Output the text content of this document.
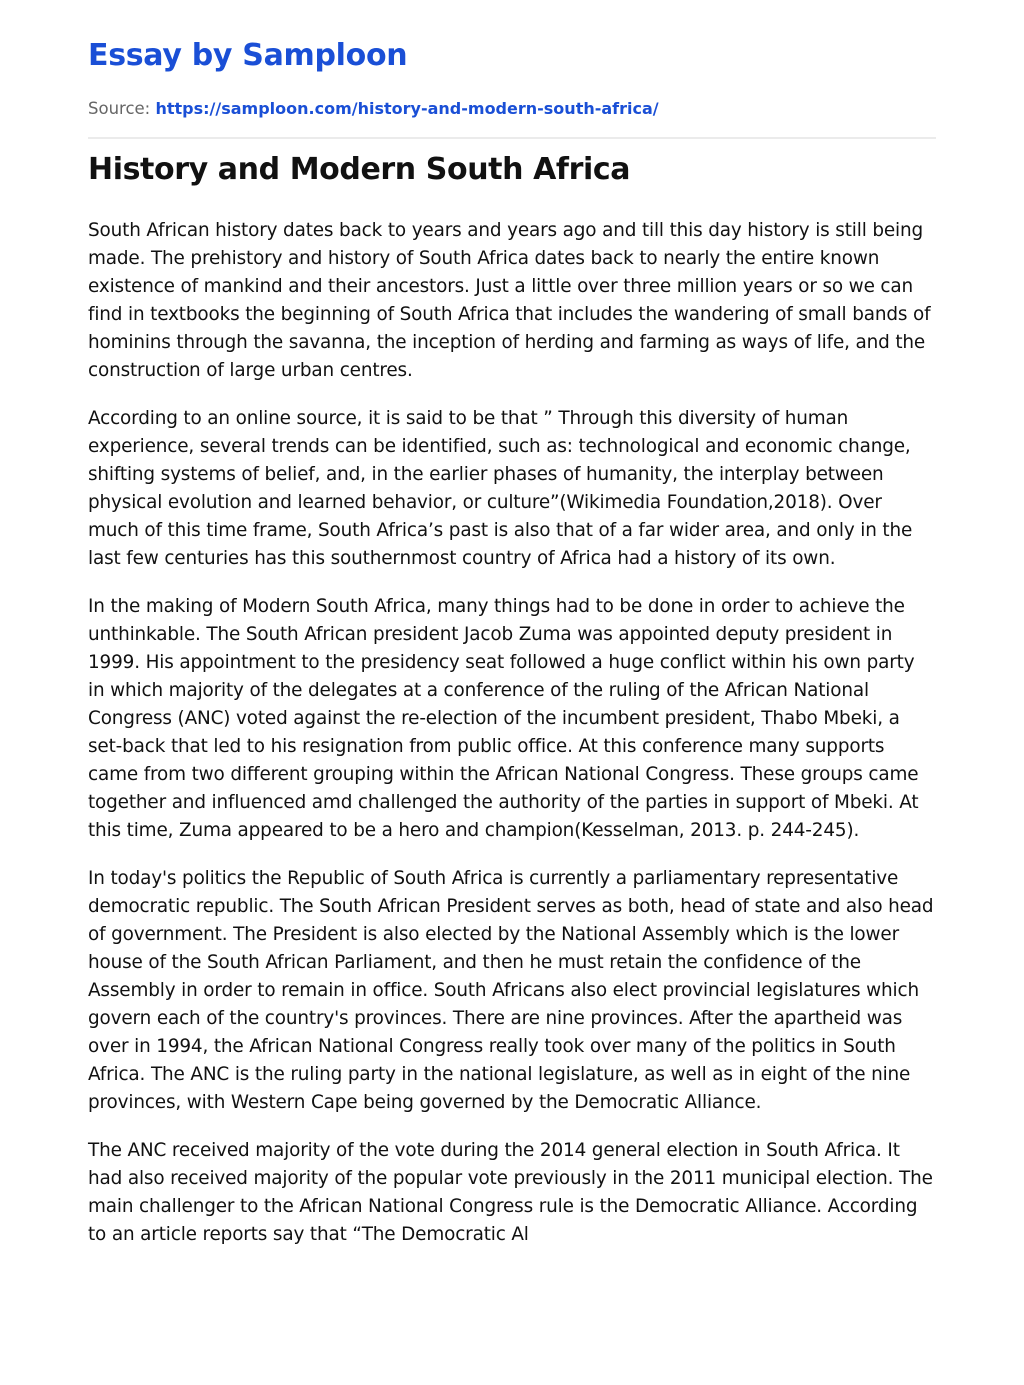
Essay by Samploon
Source: https://samploon.com/history-and-modern-south-africa/
History and Modern South Africa

South African history dates back to years and years ago and till this day history is still being made. The prehistory and history of South Africa dates back to nearly the entire known existence of mankind and their ancestors. Just a little over three million years or so we can find in textbooks the beginning of South Africa that includes the wandering of small bands of hominins through the savanna, the inception of herding and farming as ways of life, and the construction of large urban centres.

According to an online source, it is said to be that ” Through this diversity of human experience, several trends can be identified, such as: technological and economic change, shifting systems of belief, and, in the earlier phases of humanity, the interplay between physical evolution and learned behavior, or culture”(Wikimedia Foundation,2018). Over much of this time frame, South Africa’s past is also that of a far wider area, and only in the last few centuries has this southernmost country of Africa had a history of its own.

In the making of Modern South Africa, many things had to be done in order to achieve the unthinkable. The South African president Jacob Zuma was appointed deputy president in 1999. His appointment to the presidency seat followed a huge conflict within his own party in which majority of the delegates at a conference of the ruling of the African National Congress (ANC) voted against the re-election of the incumbent president, Thabo Mbeki, a set-back that led to his resignation from public office. At this conference many supports came from two different grouping within the African National Congress. These groups came together and influenced amd challenged the authority of the parties in support of Mbeki. At this time, Zuma appeared to be a hero and champion(Kesselman, 2013. p. 244-245).

In today's politics the Republic of South Africa is currently a parliamentary representative democratic republic. The South African President serves as both, head of state and also head of government. The President is also elected by the National Assembly which is the lower house of the South African Parliament, and then he must retain the confidence of the Assembly in order to remain in office. South Africans also elect provincial legislatures which govern each of the country's provinces. There are nine provinces. After the apartheid was over in 1994, the African National Congress really took over many of the politics in South Africa. The ANC is the ruling party in the national legislature, as well as in eight of the nine provinces, with Western Cape being governed by the Democratic Alliance.

The ANC received majority of the vote during the 2014 general election in South Africa. It had also received majority of the popular vote previously in the 2011 municipal election. The main challenger to the African National Congress rule is the Democratic Alliance. According to an article reports say that “The Democratic Al
